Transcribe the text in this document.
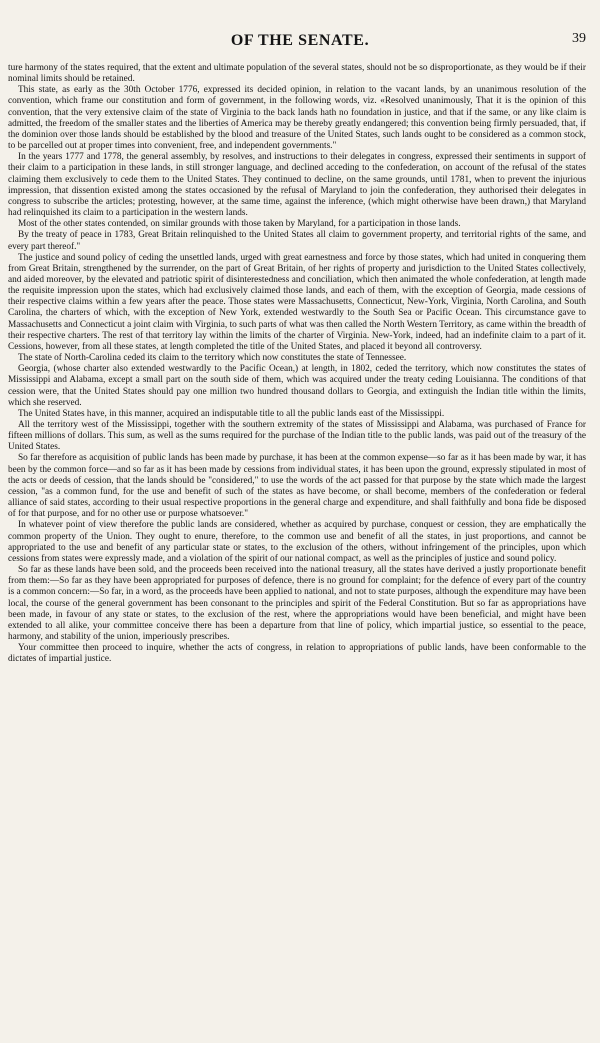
OF THE SENATE.	39

ture harmony of the states required, that the extent and ultimate population of the several states, should not be so disproportionate, as they would be if their nominal limits should be retained.

This state, as early as the 30th October 1776, expressed its decided opinion, in relation to the vacant lands, by an unanimous resolution of the convention, which frame our constitution and form of government, in the following words, viz. «Resolved unanimously, That it is the opinion of this convention, that the very extensive claim of the state of Virginia to the back lands hath no foundation in justice, and that if the same, or any like claim is admitted, the freedom of the smaller states and the liberties of America may be thereby greatly endangered; this convention being firmly persuaded, that, if the dominion over those lands should be established by the blood and treasure of the United States, such lands ought to be considered as a common stock, to be parcelled out at proper times into convenient, free, and independent governments."

In the years 1777 and 1778, the general assembly, by resolves, and instructions to their delegates in congress, expressed their sentiments in support of their claim to a participation in these lands, in still stronger language, and declined acceding to the confederation, on account of the refusal of the states claiming them exclusively to cede them to the United States. They continued to decline, on the same grounds, until 1781, when to prevent the injurious impression, that dissention existed among the states occasioned by the refusal of Maryland to join the confederation, they authorised their delegates in congress to subscribe the articles; protesting, however, at the same time, against the inference, (which might otherwise have been drawn,) that Maryland had relinquished its claim to a participation in the western lands.

Most of the other states contended, on similar grounds with those taken by Maryland, for a participation in those lands.

By the treaty of peace in 1783, Great Britain relinquished to the United States all claim to government property, and territorial rights of the same, and every part thereof."

The justice and sound policy of ceding the unsettled lands, urged with great earnestness and force by those states, which had united in conquering them from Great Britain, strengthened by the surrender, on the part of Great Britain, of her rights of property and jurisdiction to the United States collectively, and aided moreover, by the elevated and patriotic spirit of disinterestedness and conciliation, which then animated the whole confederation, at length made the requisite impression upon the states, which had exclusively claimed those lands, and each of them, with the exception of Georgia, made cessions of their respective claims within a few years after the peace. Those states were Massachusetts, Connecticut, New-York, Virginia, North Carolina, and South Carolina, the charters of which, with the exception of New York, extended westwardly to the South Sea or Pacific Ocean. This circumstance gave to Massachusetts and Connecticut a joint claim with Virginia, to such parts of what was then called the North Western Territory, as came within the breadth of their respective charters. The rest of that territory lay within the limits of the charter of Virginia. New-York, indeed, had an indefinite claim to a part of it. Cessions, however, from all these states, at length completed the title of the United States, and placed it beyond all controversy.

The state of North-Carolina ceded its claim to the territory which now constitutes the state of Tennessee.

Georgia, (whose charter also extended westwardly to the Pacific Ocean,) at length, in 1802, ceded the territory, which now constitutes the states of Mississippi and Alabama, except a small part on the south side of them, which was acquired under the treaty ceding Louisianna. The conditions of that cession were, that the United States should pay one million two hundred thousand dollars to Georgia, and extinguish the Indian title within the limits, which she reserved.

The United States have, in this manner, acquired an indisputable title to all the public lands east of the Mississippi.

All the territory west of the Mississippi, together with the southern extremity of the states of Mississippi and Alabama, was purchased of France for fifteen millions of dollars. This sum, as well as the sums required for the purchase of the Indian title to the public lands, was paid out of the treasury of the United States.

So far therefore as acquisition of public lands has been made by purchase, it has been at the common expense—so far as it has been made by war, it has been by the common force—and so far as it has been made by cessions from individual states, it has been upon the ground, expressly stipulated in most of the acts or deeds of cession, that the lands should be "considered," to use the words of the act passed for that purpose by the state which made the largest cession, "as a common fund, for the use and benefit of such of the states as have become, or shall become, members of the confederation or federal alliance of said states, according to their usual respective proportions in the general charge and expenditure, and shall faithfully and bona fide be disposed of for that purpose, and for no other use or purpose whatsoever."

In whatever point of view therefore the public lands are considered, whether as acquired by purchase, conquest or cession, they are emphatically the common property of the Union. They ought to enure, therefore, to the common use and benefit of all the states, in just proportions, and cannot be appropriated to the use and benefit of any particular state or states, to the exclusion of the others, without infringement of the principles, upon which cessions from states were expressly made, and a violation of the spirit of our national compact, as well as the principles of justice and sound policy.

So far as these lands have been sold, and the proceeds been received into the national treasury, all the states have derived a justly proportionate benefit from them:—So far as they have been appropriated for purposes of defence, there is no ground for complaint; for the defence of every part of the country is a common concern:—So far, in a word, as the proceeds have been applied to national, and not to state purposes, although the expenditure may have been local, the course of the general government has been consonant to the principles and spirit of the Federal Constitution. But so far as appropriations have been made, in favour of any state or states, to the exclusion of the rest, where the appropriations would have been beneficial, and might have been extended to all alike, your committee conceive there has been a departure from that line of policy, which impartial justice, so essential to the peace, harmony, and stability of the union, imperiously prescribes.

Your committee then proceed to inquire, whether the acts of congress, in relation to appropriations of public lands, have been conformable to the dictates of impartial justice.
